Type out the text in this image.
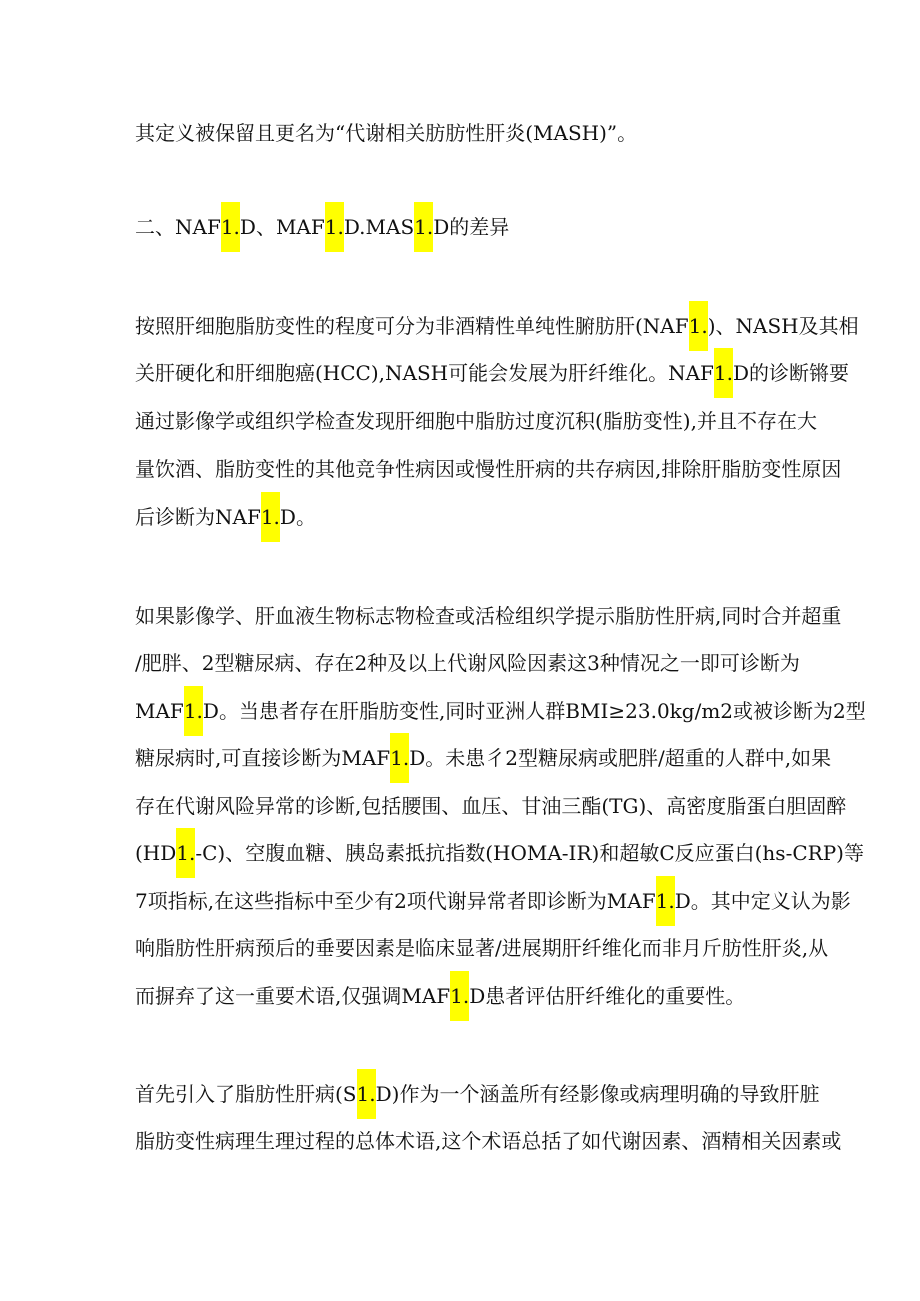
其定义被保留且更名为“代谢相关肪肪性肝炎(MASH)”。
二、NAF1.D、MAF1.D.MAS1.D的差异
按照肝细胞脂肪变性的程度可分为非酒精性单纯性腑肪肝(NAF1.)、NASH及其相
关肝硬化和肝细胞癌(HCC),NASH可能会发展为肝纤维化。NAF1.D的诊断锵要
通过影像学或组织学检查发现肝细胞中脂肪过度沉积(脂肪变性),并且不存在大
量饮酒、脂肪变性的其他竞争性病因或慢性肝病的共存病因,排除肝脂肪变性原因
后诊断为NAF1.D。
如果影像学、肝血液生物标志物检查或活检组织学提示脂肪性肝病,同时合并超重
/肥胖、2型糖尿病、存在2种及以上代谢风险因素这3种情况之一即可诊断为
MAF1.D。当患者存在肝脂肪变性,同时亚洲人群BMI≥23.0kg/m2或被诊断为2型
糖尿病时,可直接诊断为MAF1.D。未患彳2型糖尿病或肥胖/超重的人群中,如果
存在代谢风险异常的诊断,包括腰围、血压、甘油三酯(TG)、高密度脂蛋白胆固醉
(HD1.-C)、空腹血糖、胰岛素抵抗指数(HOMA-IR)和超敏C反应蛋白(hs-CRP)等
7项指标,在这些指标中至少有2项代谢异常者即诊断为MAF1.D。其中定义认为影
响脂肪性肝病预后的垂要因素是临床显著/进展期肝纤维化而非月斤肪性肝炎,从
而摒弃了这一重要术语,仅强调MAF1.D患者评估肝纤维化的重要性。
首先引入了脂肪性肝病(S1.D)作为一个涵盖所有经影像或病理明确的导致肝脏
脂肪变性病理生理过程的总体术语,这个术语总括了如代谢因素、酒精相关因素或
